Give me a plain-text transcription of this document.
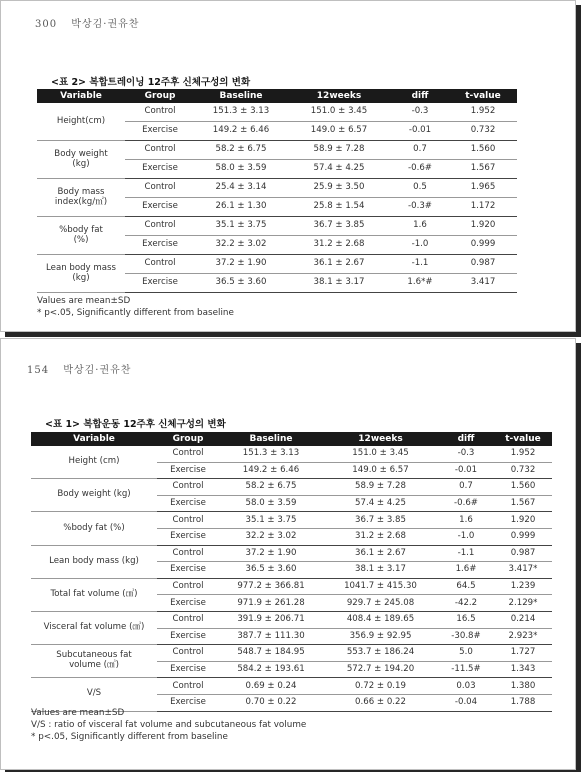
300 박상김·권유찬
<표 2> 복합트레이닝 12주후 신체구성의 변화
Variable	Group	Baseline	12weeks	diff	t-value
Height(cm)	Control	151.3 ± 3.13	151.0 ± 3.45	-0.3	1.952
	Exercise	149.2 ± 6.46	149.0 ± 6.57	-0.01	0.732
Body weight
(kg)	Control	58.2 ± 6.75	58.9 ± 7.28	0.7	1.560
	Exercise	58.0 ± 3.59	57.4 ± 4.25	-0.6#	1.567
Body mass
index(kg/㎡)	Control	25.4 ± 3.14	25.9 ± 3.50	0.5	1.965
	Exercise	26.1 ± 1.30	25.8 ± 1.54	-0.3#	1.172
%body fat
(%)	Control	35.1 ± 3.75	36.7 ± 3.85	1.6	1.920
	Exercise	32.2 ± 3.02	31.2 ± 2.68	-1.0	0.999
Lean body mass
(kg)	Control	37.2 ± 1.90	36.1 ± 2.67	-1.1	0.987
	Exercise	36.5 ± 3.60	38.1 ± 3.17	1.6*#	3.417
Values are mean±SD
* p<.05, Significantly different from baseline
154 박상김·권유찬
<표 1> 복합운동 12주후 신체구성의 변화
Variable	Group	Baseline	12weeks	diff	t-value
Height (cm)	Control	151.3 ± 3.13	151.0 ± 3.45	-0.3	1.952
	Exercise	149.2 ± 6.46	149.0 ± 6.57	-0.01	0.732
Body weight (kg)	Control	58.2 ± 6.75	58.9 ± 7.28	0.7	1.560
	Exercise	58.0 ± 3.59	57.4 ± 4.25	-0.6#	1.567
%body fat (%)	Control	35.1 ± 3.75	36.7 ± 3.85	1.6	1.920
	Exercise	32.2 ± 3.02	31.2 ± 2.68	-1.0	0.999
Lean body mass (kg)	Control	37.2 ± 1.90	36.1 ± 2.67	-1.1	0.987
	Exercise	36.5 ± 3.60	38.1 ± 3.17	1.6#	3.417*
Total fat volume (㎤)	Control	977.2 ± 366.81	1041.7 ± 415.30	64.5	1.239
	Exercise	971.9 ± 261.28	929.7 ± 245.08	-42.2	2.129*
Visceral fat volume (㎤)	Control	391.9 ± 206.71	408.4 ± 189.65	16.5	0.214
	Exercise	387.7 ± 111.30	356.9 ± 92.95	-30.8#	2.923*
Subcutaneous fat
volume (㎤)	Control	548.7 ± 184.95	553.7 ± 186.24	5.0	1.727
	Exercise	584.2 ± 193.61	572.7 ± 194.20	-11.5#	1.343
V/S	Control	0.69 ± 0.24	0.72 ± 0.19	0.03	1.380
	Exercise	0.70 ± 0.22	0.66 ± 0.22	-0.04	1.788
Values are mean±SD
V/S : ratio of visceral fat volume and subcutaneous fat volume
* p<.05, Significantly different from baseline
